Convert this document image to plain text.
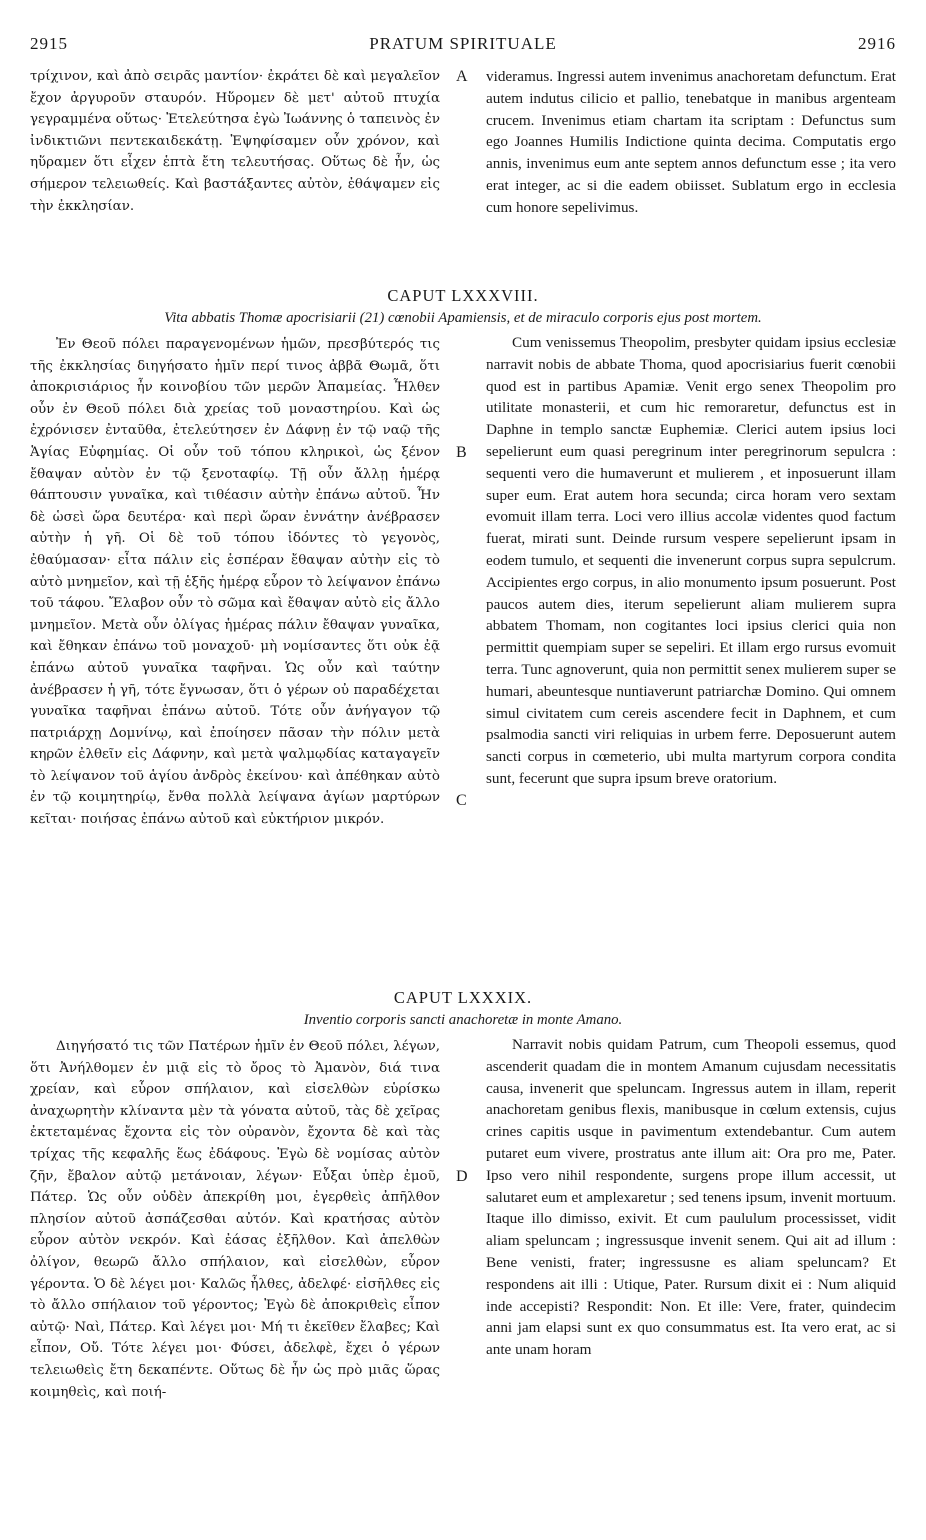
2915	PRATUM SPIRITUALE	2916

τρίχινον, καὶ ἀπὸ σειρᾶς μαντίον· ἐκράτει δὲ καὶ μεγαλεῖον ἔχον ἀργυροῦν σταυρόν. Ηὕρομεν δὲ μετ' αὐτοῦ πτυχία γεγραμμένα οὕτως· Ἐτελεύτησα ἐγὼ Ἰωάννης ὁ ταπεινὸς ἐν ἰνδικτιῶνι πεντεκαιδεκάτῃ. Ἐψηφίσαμεν οὖν χρόνον, καὶ ηὕραμεν ὅτι εἶχεν ἑπτὰ ἔτη τελευτήσας. Οὕτως δὲ ἦν, ὡς σήμερον τελειωθείς. Καὶ βαστάξαντες αὐτὸν, ἐθάψαμεν εἰς τὴν ἐκκλησίαν.

A videramus. Ingressi autem invenimus anachoretam defunctum. Erat autem indutus cilicio et pallio, tenebatque in manibus argenteam crucem. Invenimus etiam chartam ita scriptam : Defunctus sum ego Joannes Humilis Indictione quinta decima. Computatis ergo annis, invenimus eum ante septem annos defunctum esse ; ita vero erat integer, ac si die eadem obiisset. Sublatum ergo in ecclesia cum honore sepelivimus.

CAPUT LXXXVIII.
Vita abbatis Thomæ apocrisiarii (21) cœnobii Apamiensis, et de miraculo corporis ejus post mortem.

Ἐν Θεοῦ πόλει παραγενομένων ἡμῶν, πρεσβύτερός τις τῆς ἐκκλησίας διηγήσατο ἡμῖν περί τινος ἀββᾶ Θωμᾶ, ὅτι ἀποκρισιάριος ἦν κοινοβίου τῶν μερῶν Ἀπαμείας. Ἦλθεν οὖν ἐν Θεοῦ πόλει διὰ χρείας τοῦ μοναστηρίου. Καὶ ὡς ἐχρόνισεν ἐνταῦθα, ἐτελεύτησεν ἐν Δάφνῃ ἐν τῷ ναῷ τῆς Ἁγίας Εὐφημίας. Οἱ οὖν τοῦ τόπου κληρικοὶ, ὡς ξένον ἔθαψαν αὐτὸν ἐν τῷ ξενοταφίῳ. Τῇ οὖν ἄλλῃ ἡμέρᾳ θάπτουσιν γυναῖκα, καὶ τιθέασιν αὐτὴν ἐπάνω αὐτοῦ. Ἦν δὲ ὡσεὶ ὥρα δευτέρα· καὶ περὶ ὥραν ἐννάτην ἀνέβρασεν αὐτὴν ἡ γῆ. Οἱ δὲ τοῦ τόπου ἰδόντες τὸ γεγονὸς, ἐθαύμασαν· εἶτα πάλιν εἰς ἑσπέραν ἔθαψαν αὐτὴν εἰς τὸ αὐτὸ μνημεῖον, καὶ τῇ ἑξῆς ἡμέρᾳ εὗρον τὸ λείψανον ἐπάνω τοῦ τάφου. Ἔλαβον οὖν τὸ σῶμα καὶ ἔθαψαν αὐτὸ εἰς ἄλλο μνημεῖον. Μετὰ οὖν ὀλίγας ἡμέρας πάλιν ἔθαψαν γυναῖκα, καὶ ἔθηκαν ἐπάνω τοῦ μοναχοῦ· μὴ νομίσαντες ὅτι οὐκ ἐᾷ ἐπάνω αὐτοῦ γυναῖκα ταφῆναι. Ὡς οὖν καὶ ταύτην ἀνέβρασεν ἡ γῆ, τότε ἔγνωσαν, ὅτι ὁ γέρων οὐ παραδέχεται γυναῖκα ταφῆναι ἐπάνω αὐτοῦ. Τότε οὖν ἀνήγαγον τῷ πατριάρχῃ Δομνίνῳ, καὶ ἐποίησεν πᾶσαν τὴν πόλιν μετὰ κηρῶν ἐλθεῖν εἰς Δάφνην, καὶ μετὰ ψαλμῳδίας καταγαγεῖν τὸ λείψανον τοῦ ἁγίου ἀνδρὸς ἐκείνου· καὶ ἀπέθηκαν αὐτὸ ἐν τῷ κοιμητηρίῳ, ἔνθα πολλὰ λείψανα ἁγίων μαρτύρων κεῖται· ποιήσας ἐπάνω αὐτοῦ καὶ εὐκτήριον μικρόν.

B
C

Cum venissemus Theopolim, presbyter quidam ipsius ecclesiæ narravit nobis de abbate Thoma, quod apocrisiarius fuerit cœnobii quod est in partibus Apamiæ. Venit ergo senex Theopolim pro utilitate monasterii, et cum hic remoraretur, defunctus est in Daphne in templo sanctæ Euphemiæ. Clerici autem ipsius loci sepelierunt eum quasi peregrinum inter peregrinorum sepulcra : sequenti vero die humaverunt et mulierem , et inposuerunt illam super eum. Erat autem hora secunda; circa horam vero sextam evomuit illam terra. Loci vero illius accolæ videntes quod factum fuerat, mirati sunt. Deinde rursum vespere sepelierunt ipsam in eodem tumulo, et sequenti die invenerunt corpus supra sepulcrum. Accipientes ergo corpus, in alio monumento ipsum posuerunt. Post paucos autem dies, iterum sepelierunt aliam mulierem supra abbatem Thomam, non cogitantes loci ipsius clerici quia non permittit quempiam super se sepeliri. Et illam ergo rursus evomuit terra. Tunc agnoverunt, quia non permittit senex mulierem super se humari, abeuntesque nuntiaverunt patriarchæ Domino. Qui omnem simul civitatem cum cereis ascendere fecit in Daphnem, et cum psalmodia sancti viri reliquias in urbem ferre. Deposuerunt autem sancti corpus in cœmeterio, ubi multa martyrum corpora condita sunt, fecerunt que supra ipsum breve oratorium.

CAPUT LXXXIX.
Inventio corporis sancti anachoretæ in monte Amano.

Διηγήσατό τις τῶν Πατέρων ἡμῖν ἐν Θεοῦ πόλει, λέγων, ὅτι Ἀνήλθομεν ἐν μιᾷ εἰς τὸ ὄρος τὸ Ἀμανὸν, διά τινα χρείαν, καὶ εὗρον σπήλαιον, καὶ εἰσελθὼν εὑρίσκω ἀναχωρητὴν κλίναντα μὲν τὰ γόνατα αὐτοῦ, τὰς δὲ χεῖρας ἐκτεταμένας ἔχοντα εἰς τὸν οὐρανὸν, ἔχοντα δὲ καὶ τὰς τρίχας τῆς κεφαλῆς ἕως ἐδάφους. Ἐγὼ δὲ νομίσας αὐτὸν ζῆν, ἔβαλον αὐτῷ μετάνοιαν, λέγων· Εὖξαι ὑπὲρ ἐμοῦ, Πάτερ. Ὡς οὖν οὐδὲν ἀπεκρίθη μοι, ἐγερθεὶς ἀπῆλθον πλησίον αὐτοῦ ἀσπάζεσθαι αὐτόν. Καὶ κρατήσας αὐτὸν εὗρον αὐτὸν νεκρόν. Καὶ ἐάσας ἐξῆλθον. Καὶ ἀπελθὼν ὀλίγον, θεωρῶ ἄλλο σπήλαιον, καὶ εἰσελθὼν, εὗρον γέροντα. Ὁ δὲ λέγει μοι· Καλῶς ἦλθες, ἀδελφέ· εἰσῆλθες εἰς τὸ ἄλλο σπήλαιον τοῦ γέροντος; Ἐγὼ δὲ ἀποκριθεὶς εἶπον αὐτῷ· Ναὶ, Πάτερ. Καὶ λέγει μοι· Μή τι ἐκεῖθεν ἔλαβες; Καὶ εἶπον, Οὔ. Τότε λέγει μοι· Φύσει, ἀδελφὲ, ἔχει ὁ γέρων τελειωθεὶς ἔτη δεκαπέντε. Οὕτως δὲ ἦν ὡς πρὸ μιᾶς ὥρας κοιμηθεὶς, καὶ ποιή-

D

Narravit nobis quidam Patrum, cum Theopoli essemus, quod ascenderit quadam die in montem Amanum cujusdam necessitatis causa, invenerit que speluncam. Ingressus autem in illam, reperit anachoretam genibus flexis, manibusque in cœlum extensis, cujus crines capitis usque in pavimentum extendebantur. Cum autem putaret eum vivere, prostratus ante illum ait: Ora pro me, Pater. Ipso vero nihil respondente, surgens prope illum accessit, ut salutaret eum et amplexaretur ; sed tenens ipsum, invenit mortuum. Itaque illo dimisso, exivit. Et cum paululum processisset, vidit aliam speluncam ; ingressusque invenit senem. Qui ait ad illum : Bene venisti, frater; ingressusne es aliam speluncam? Et respondens ait illi : Utique, Pater. Rursum dixit ei : Num aliquid inde accepisti? Respondit: Non. Et ille: Vere, frater, quindecim anni jam elapsi sunt ex quo consummatus est. Ita vero erat, ac si ante unam horam
